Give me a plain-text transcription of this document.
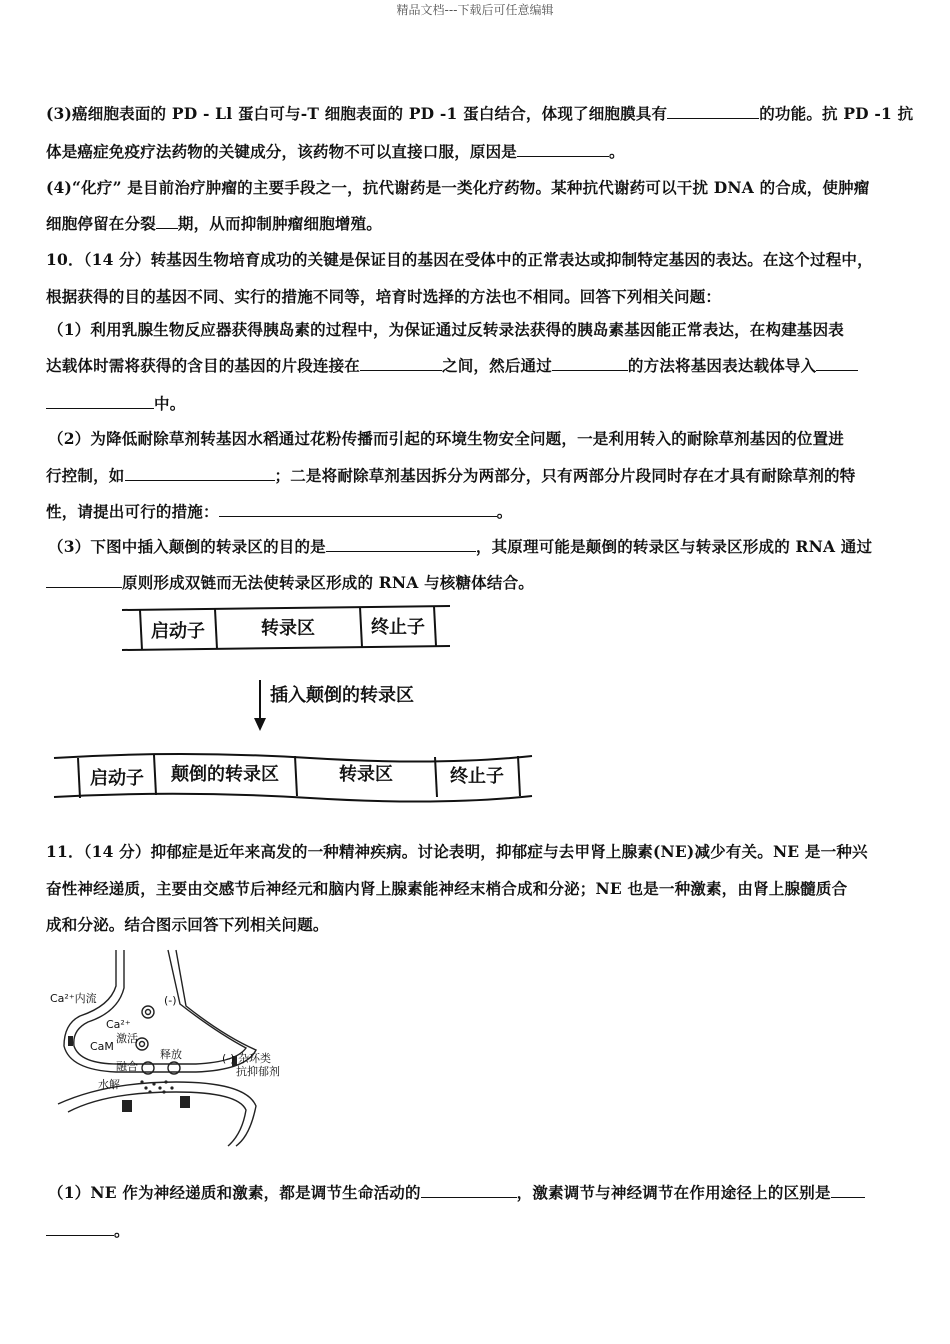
精品文档---下载后可任意编辑
(3)癌细胞表面的 PD - Ll 蛋白可与-T 细胞表面的 PD -1 蛋白结合，体现了细胞膜具有	的功能。抗 PD -1 抗
体是癌症免疫疗法药物的关键成分，该药物不可以直接口服，原因是	。
(4)“化疗” 是目前治疗肿瘤的主要手段之一，抗代谢药是一类化疗药物。某种抗代谢药可以干扰 DNA 的合成，使肿瘤
细胞停留在分裂 期，从而抑制肿瘤细胞增殖。
10．（14 分）转基因生物培育成功的关键是保证目的基因在受体中的正常表达或抑制特定基因的表达。在这个过程中，
根据获得的目的基因不同、实行的措施不同等，培育时选择的方法也不相同。回答下列相关问题：
（1）利用乳腺生物反应器获得胰岛素的过程中，为保证通过反转录法获得的胰岛素基因能正常表达，在构建基因表
达载体时需将获得的含目的基因的片段连接在	之间，然后通过	的方法将基因表达载体导入
中。
（2）为降低耐除草剂转基因水稻通过花粉传播而引起的环境生物安全问题，一是利用转入的耐除草剂基因的位置进
行控制，如	；二是将耐除草剂基因拆分为两部分，只有两部分片段同时存在才具有耐除草剂的特
性，请提出可行的措施：	。
（3）下图中插入颠倒的转录区的目的是	，其原理可能是颠倒的转录区与转录区形成的 RNA 通过
原则形成双链而无法使转录区形成的 RNA 与核糖体结合。
启动子	转录区	终止子
插入颠倒的转录区
启动子 颠倒的转录区	转录区	终止子
11．（14 分）抑郁症是近年来高发的一种精神疾病。讨论表明，抑郁症与去甲肾上腺素(NE)减少有关。NE 是一种兴
奋性神经递质，主要由交感节后神经元和脑内肾上腺素能神经末梢合成和分泌；NE 也是一种激素，由肾上腺髓质合
成和分泌。结合图示回答下列相关问题。
Ca²⁺内流
Ca²⁺
激活
CaM
融合
释放
水解
(-)
(-) 杂环类
抗抑郁剂
（1）NE 作为神经递质和激素，都是调节生命活动的	，激素调节与神经调节在作用途径上的区别是
。
